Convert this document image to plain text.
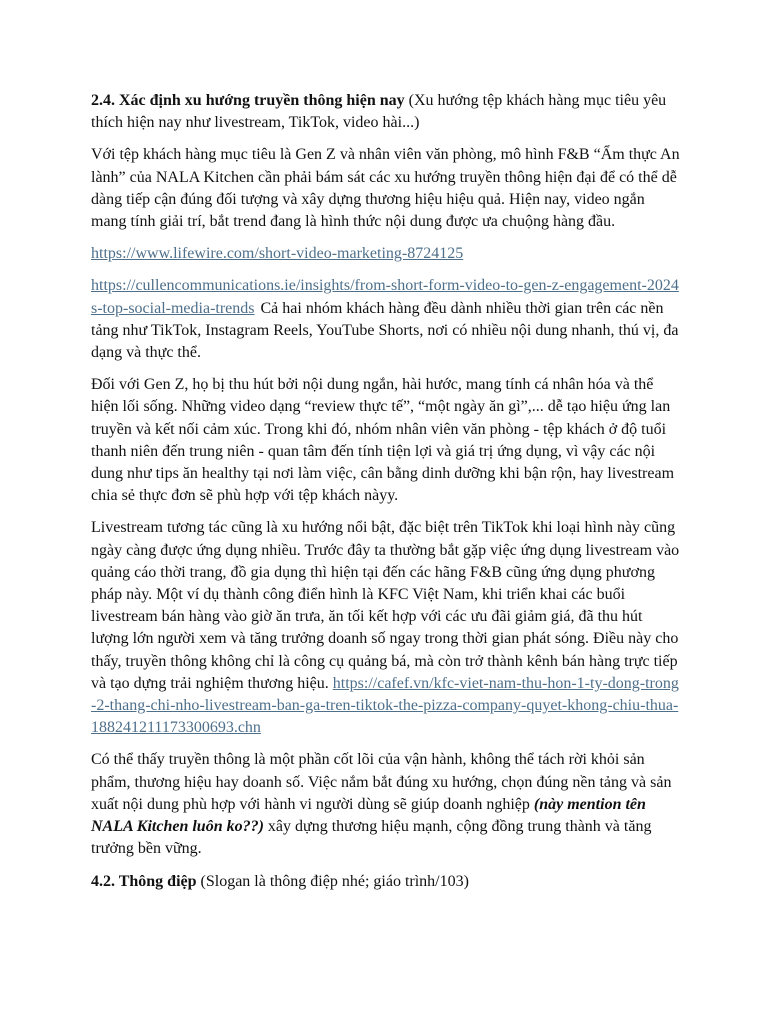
2.4. Xác định xu hướng truyền thông hiện nay (Xu hướng tệp khách hàng mục tiêu yêu thích hiện nay như livestream, TikTok, video hài...)

Với tệp khách hàng mục tiêu là Gen Z và nhân viên văn phòng, mô hình F&B “Ẩm thực An lành” của NALA Kitchen cần phải bám sát các xu hướng truyền thông hiện đại để có thể dễ dàng tiếp cận đúng đối tượng và xây dựng thương hiệu hiệu quả. Hiện nay, video ngắn mang tính giải trí, bắt trend đang là hình thức nội dung được ưa chuộng hàng đầu.

https://www.lifewire.com/short-video-marketing-8724125

https://cullencommunications.ie/insights/from-short-form-video-to-gen-z-engagement-2024s-top-social-media-trends Cả hai nhóm khách hàng đều dành nhiều thời gian trên các nền tảng như TikTok, Instagram Reels, YouTube Shorts, nơi có nhiều nội dung nhanh, thú vị, đa dạng và thực thể.

Đối với Gen Z, họ bị thu hút bởi nội dung ngắn, hài hước, mang tính cá nhân hóa và thể hiện lối sống. Những video dạng “review thực tế”, “một ngày ăn gì”,... dễ tạo hiệu ứng lan truyền và kết nối cảm xúc. Trong khi đó, nhóm nhân viên văn phòng - tệp khách ở độ tuổi thanh niên đến trung niên - quan tâm đến tính tiện lợi và giá trị ứng dụng, vì vậy các nội dung như tips ăn healthy tại nơi làm việc, cân bằng dinh dưỡng khi bận rộn, hay livestream chia sẻ thực đơn sẽ phù hợp với tệp khách nàyy.

Livestream tương tác cũng là xu hướng nổi bật, đặc biệt trên TikTok khi loại hình này cũng ngày càng được ứng dụng nhiều. Trước đây ta thường bắt gặp việc ứng dụng livestream vào quảng cáo thời trang, đồ gia dụng thì hiện tại đến các hãng F&B cũng ứng dụng phương pháp này. Một ví dụ thành công điển hình là KFC Việt Nam, khi triển khai các buổi livestream bán hàng vào giờ ăn trưa, ăn tối kết hợp với các ưu đãi giảm giá, đã thu hút lượng lớn người xem và tăng trưởng doanh số ngay trong thời gian phát sóng. Điều này cho thấy, truyền thông không chỉ là công cụ quảng bá, mà còn trở thành kênh bán hàng trực tiếp và tạo dựng trải nghiệm thương hiệu. https://cafef.vn/kfc-viet-nam-thu-hon-1-ty-dong-trong-2-thang-chi-nho-livestream-ban-ga-tren-tiktok-the-pizza-company-quyet-khong-chiu-thua-188241211173300693.chn

Có thể thấy truyền thông là một phần cốt lõi của vận hành, không thể tách rời khỏi sản phẩm, thương hiệu hay doanh số. Việc nắm bắt đúng xu hướng, chọn đúng nền tảng và sản xuất nội dung phù hợp với hành vi người dùng sẽ giúp doanh nghiệp (này mention tên NALA Kitchen luôn ko??) xây dựng thương hiệu mạnh, cộng đồng trung thành và tăng trưởng bền vững.

4.2. Thông điệp (Slogan là thông điệp nhé; giáo trình/103)
